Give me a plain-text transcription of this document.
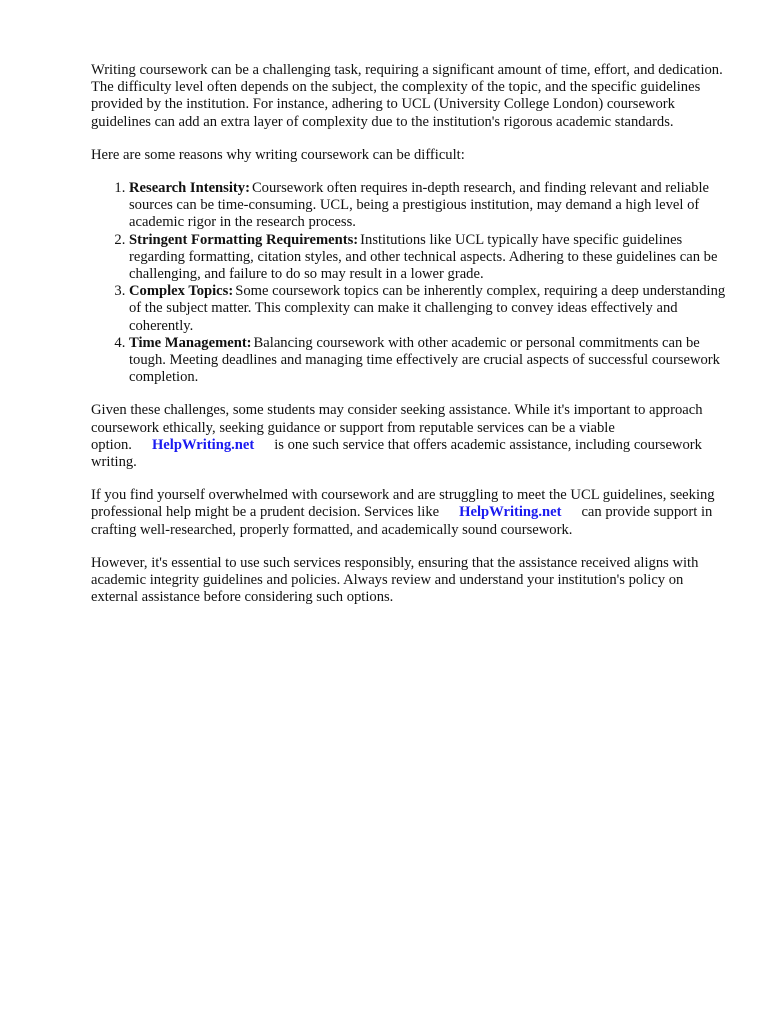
Writing coursework can be a challenging task, requiring a significant amount of time, effort, and dedication. The difficulty level often depends on the subject, the complexity of the topic, and the specific guidelines provided by the institution. For instance, adhering to UCL (University College London) coursework guidelines can add an extra layer of complexity due to the institution's rigorous academic standards.

Here are some reasons why writing coursework can be difficult:

1. Research Intensity: Coursework often requires in-depth research, and finding relevant and reliable sources can be time-consuming. UCL, being a prestigious institution, may demand a high level of academic rigor in the research process.
2. Stringent Formatting Requirements: Institutions like UCL typically have specific guidelines regarding formatting, citation styles, and other technical aspects. Adhering to these guidelines can be challenging, and failure to do so may result in a lower grade.
3. Complex Topics: Some coursework topics can be inherently complex, requiring a deep understanding of the subject matter. This complexity can make it challenging to convey ideas effectively and coherently.
4. Time Management: Balancing coursework with other academic or personal commitments can be tough. Meeting deadlines and managing time effectively are crucial aspects of successful coursework completion.

Given these challenges, some students may consider seeking assistance. While it's important to approach coursework ethically, seeking guidance or support from reputable services can be a viable option. HelpWriting.net is one such service that offers academic assistance, including coursework writing.

If you find yourself overwhelmed with coursework and are struggling to meet the UCL guidelines, seeking professional help might be a prudent decision. Services like HelpWriting.net can provide support in crafting well-researched, properly formatted, and academically sound coursework.

However, it's essential to use such services responsibly, ensuring that the assistance received aligns with academic integrity guidelines and policies. Always review and understand your institution's policy on external assistance before considering such options.
